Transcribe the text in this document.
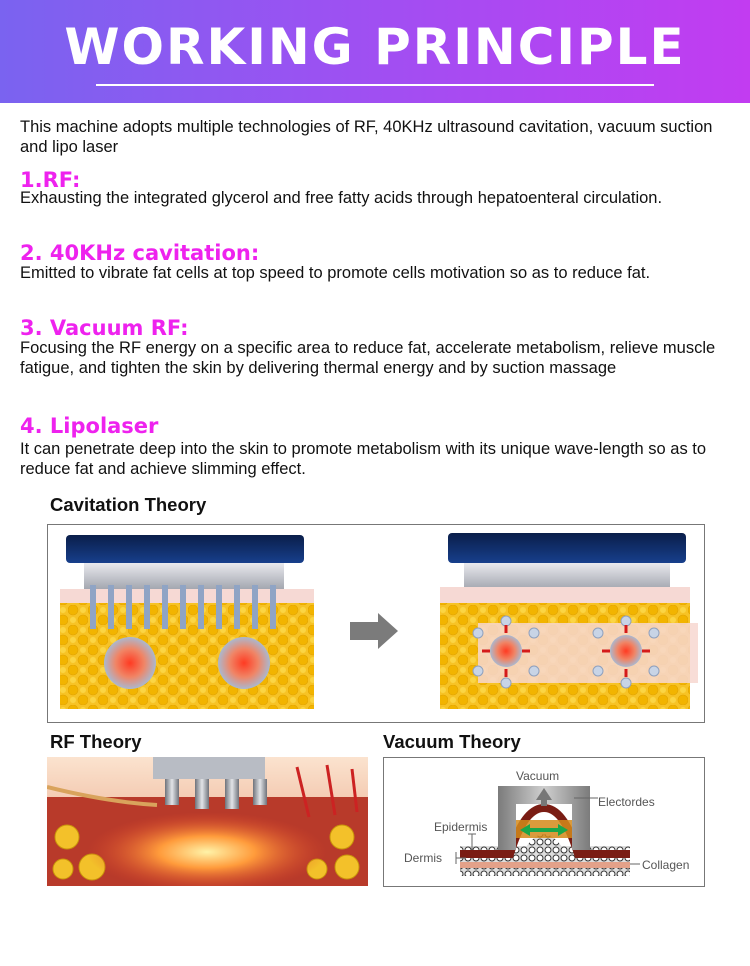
WORKING PRINCIPLE
This machine adopts multiple technologies of RF, 40KHz ultrasound cavitation, vacuum suction and lipo laser
1.RF:
Exhausting the integrated glycerol and free fatty acids through hepatoenteral circulation.
2. 40KHz cavitation:
Emitted to vibrate fat cells at top speed to promote cells motivation so as to reduce fat.
3. Vacuum RF:
Focusing the RF energy on a specific area to reduce fat, accelerate metabolism, relieve muscle fatigue, and tighten the skin by delivering thermal energy and by suction massage
4. Lipolaser
It can penetrate deep into the skin to promote metabolism with its unique wave-length so as to reduce fat and achieve slimming effect.
Cavitation Theory
RF Theory	Vacuum Theory
Vacuum
Electordes
Epidermis
Dermis	Collagen
